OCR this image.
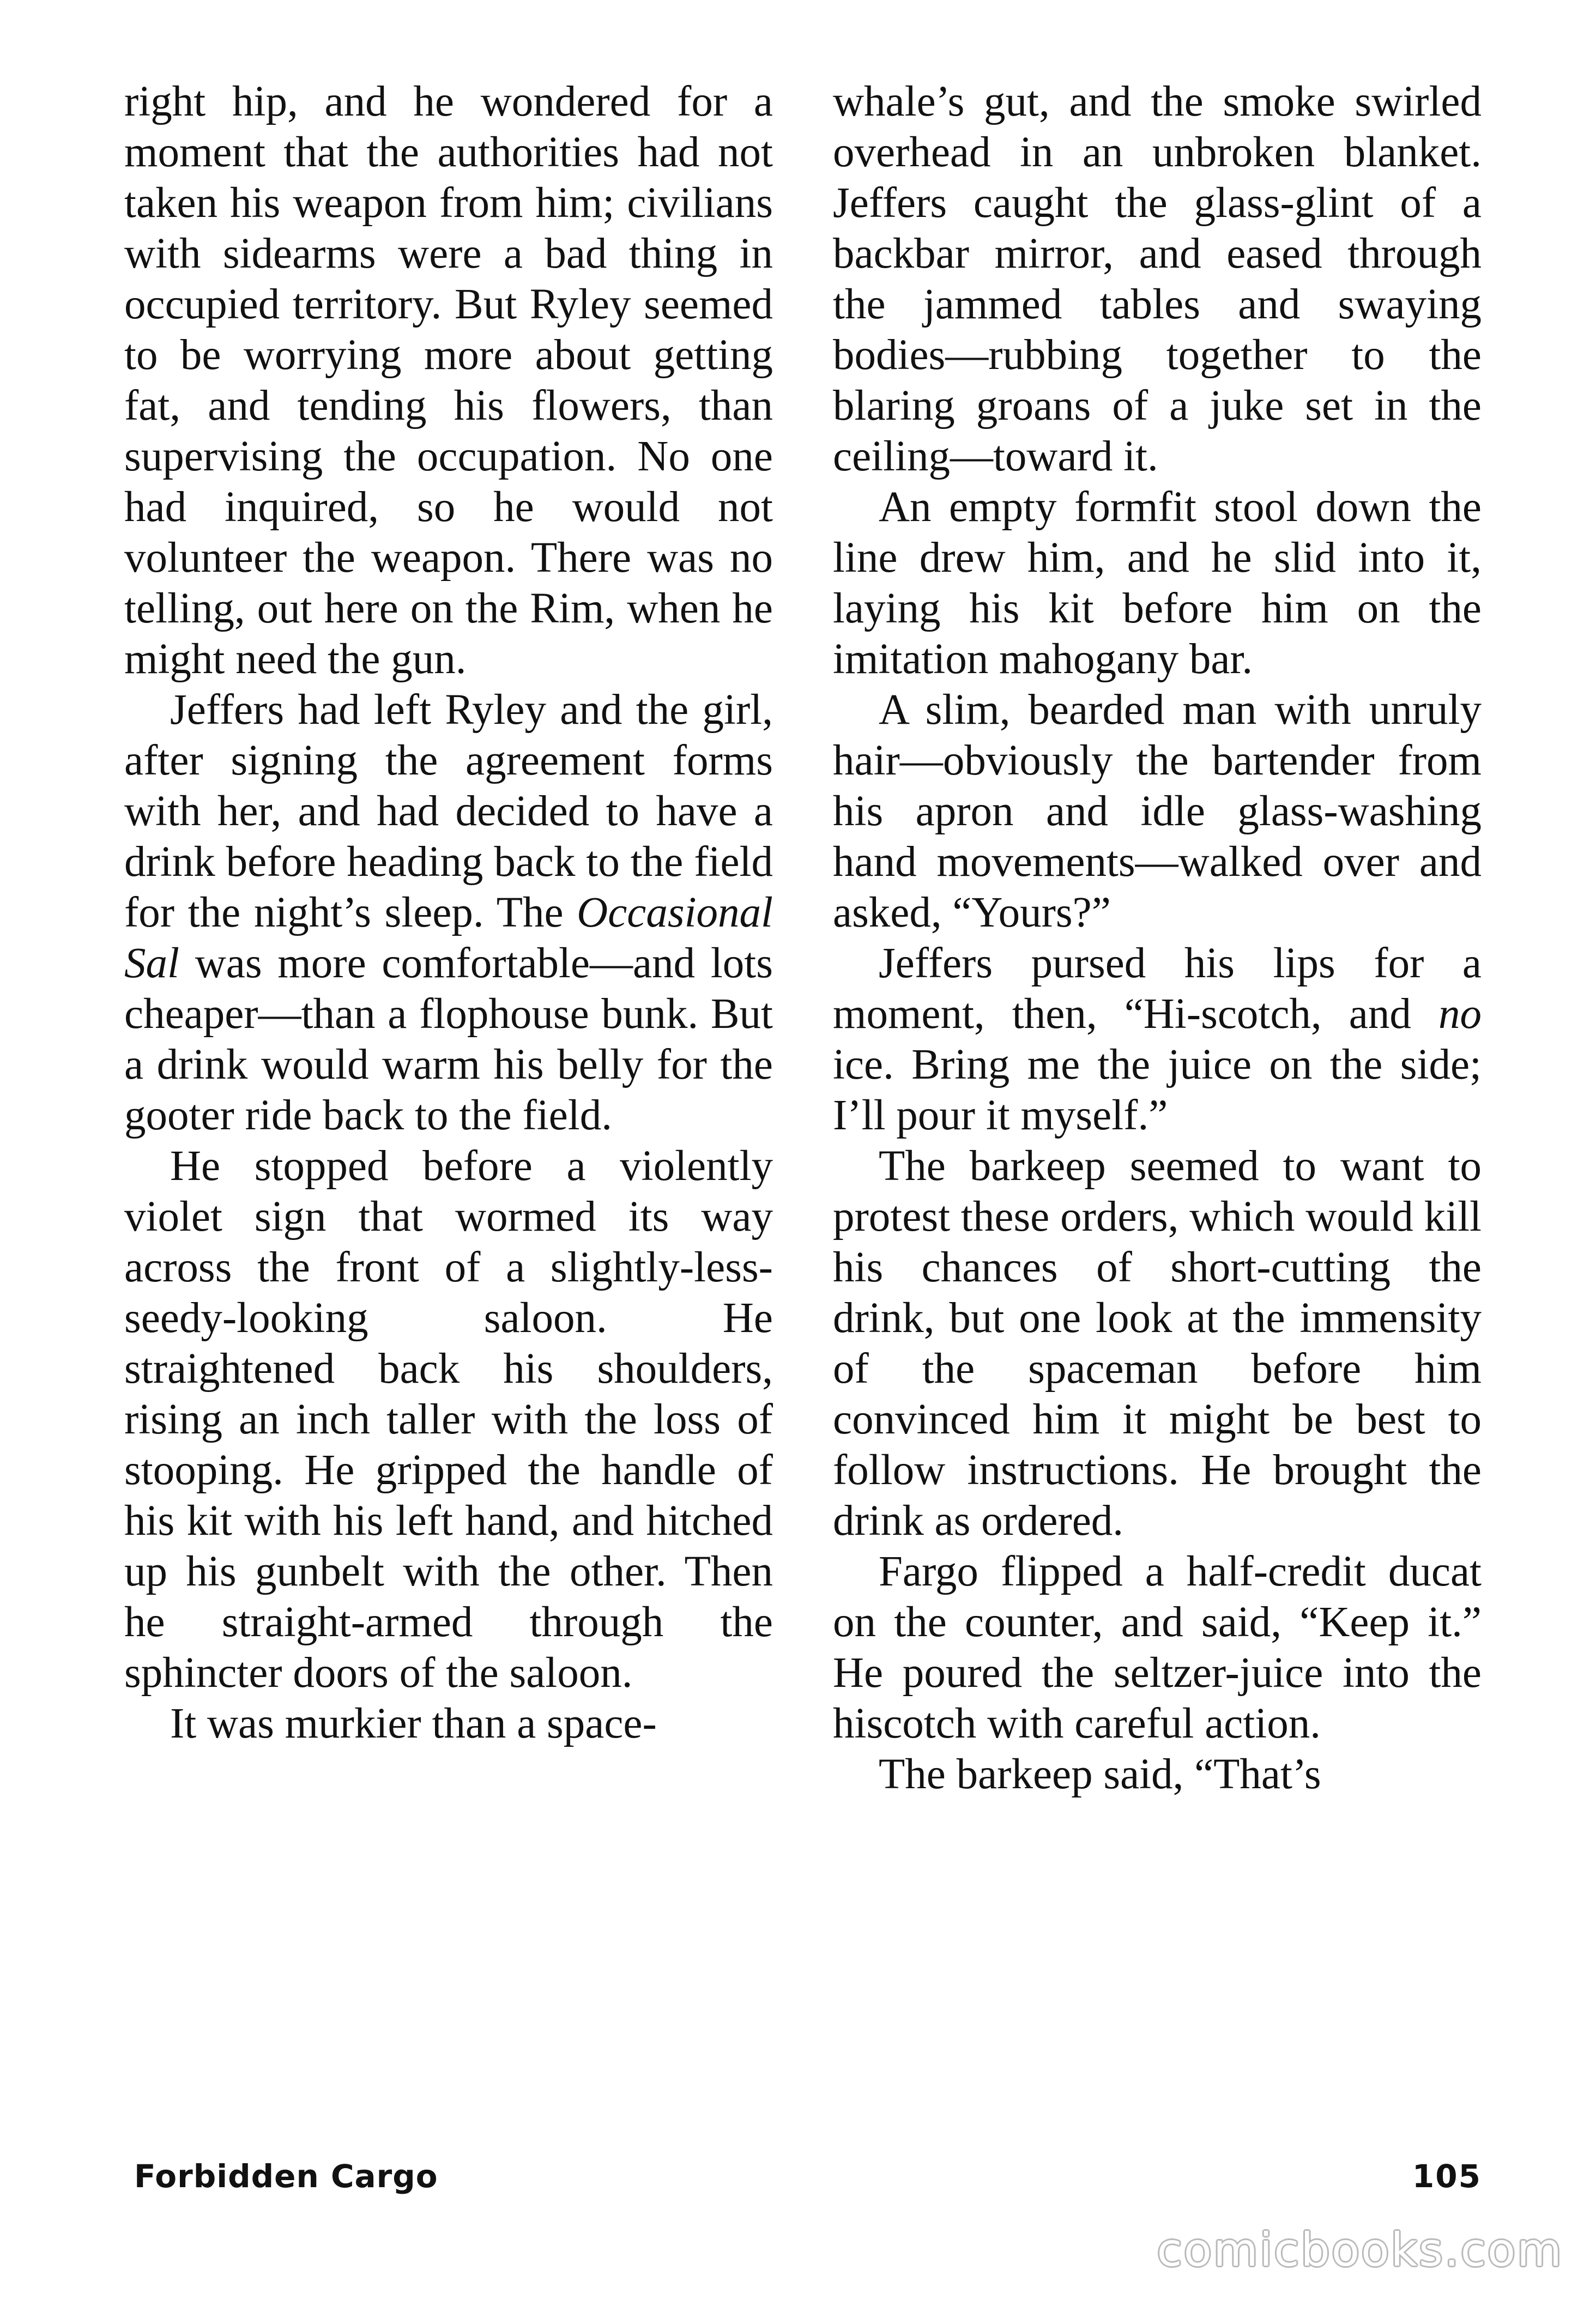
right hip, and he wondered for a moment that the authorities had not taken his weapon from him; civilians with sidearms were a bad thing in occupied territory. But Ryley seemed to be worrying more about getting fat, and tending his flowers, than supervising the occupation. No one had inquired, so he would not volunteer the weapon. There was no telling, out here on the Rim, when he might need the gun.

Jeffers had left Ryley and the girl, after signing the agreement forms with her, and had decided to have a drink before heading back to the field for the night’s sleep. The Occasional Sal was more comfortable—and lots cheaper—than a flophouse bunk. But a drink would warm his belly for the gooter ride back to the field.

He stopped before a violently violet sign that wormed its way across the front of a slightly-less-seedy-looking saloon. He straightened back his shoulders, rising an inch taller with the loss of stooping. He gripped the handle of his kit with his left hand, and hitched up his gunbelt with the other. Then he straight-armed through the sphincter doors of the saloon.

It was murkier than a space-

whale’s gut, and the smoke swirled overhead in an unbroken blanket. Jeffers caught the glass-glint of a backbar mirror, and eased through the jammed tables and swaying bodies—rubbing together to the blaring groans of a juke set in the ceiling—toward it.

An empty formfit stool down the line drew him, and he slid into it, laying his kit before him on the imitation mahogany bar.

A slim, bearded man with unruly hair—obviously the bartender from his apron and idle glass-washing hand movements—walked over and asked, “Yours?”

Jeffers pursed his lips for a moment, then, “Hi-scotch, and no ice. Bring me the juice on the side; I’ll pour it myself.”

The barkeep seemed to want to protest these orders, which would kill his chances of short-cutting the drink, but one look at the immensity of the spaceman before him convinced him it might be best to follow instructions. He brought the drink as ordered.

Fargo flipped a half-credit ducat on the counter, and said, “Keep it.” He poured the seltzer-juice into the hiscotch with careful action.

The barkeep said, “That’s

Forbidden Cargo	105
comicbooks.com
